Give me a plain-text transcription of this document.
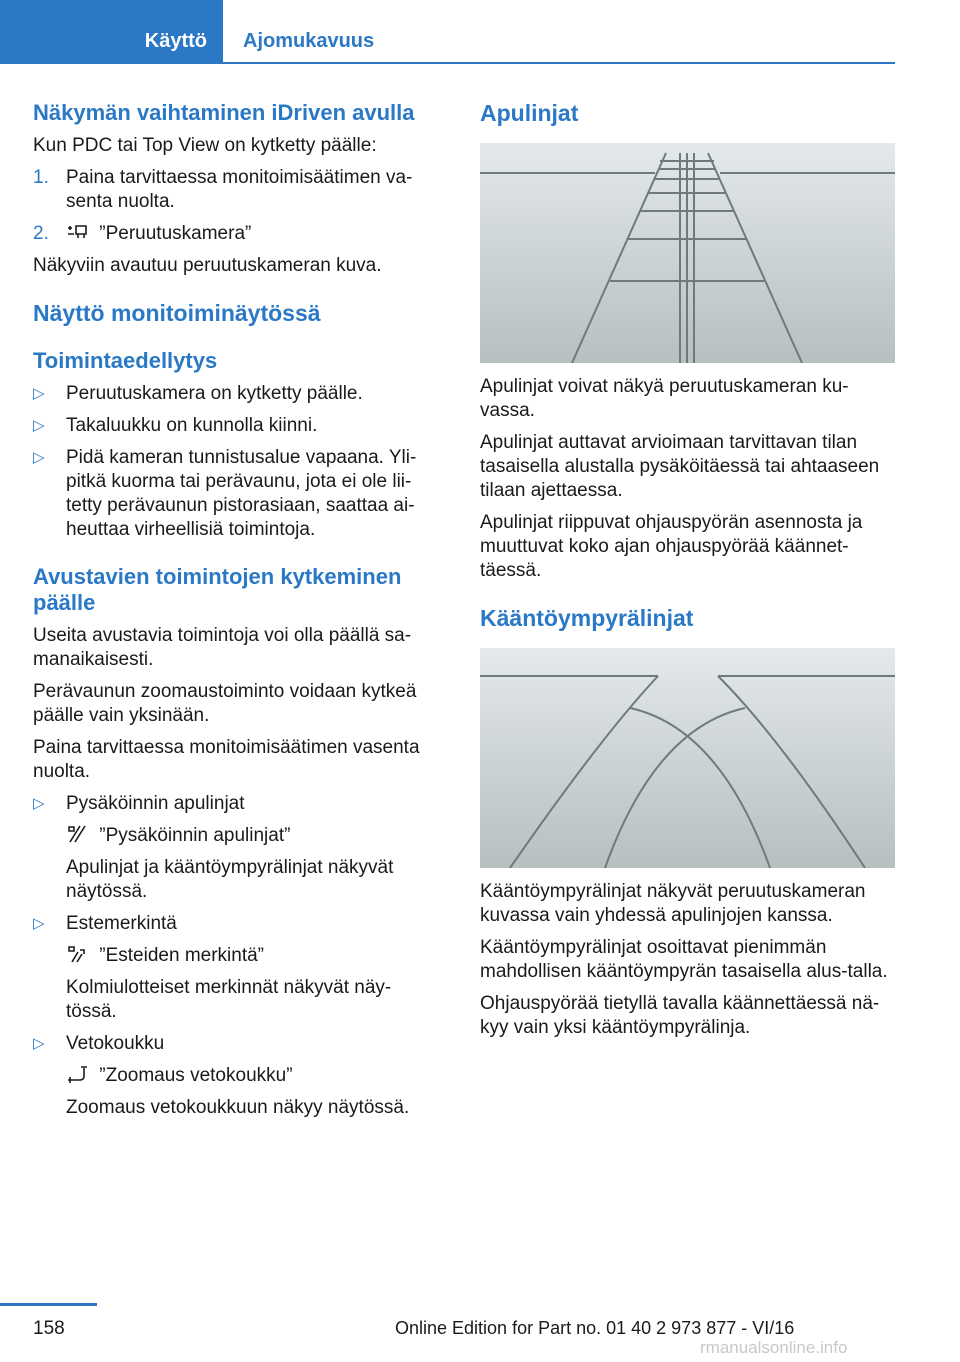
Käyttö Ajomukavuus
Näkymän vaihtaminen iDriven avulla

Kun PDC tai Top View on kytketty päälle:

1. Paina tarvittaessa monitoimisäätimen va‐senta nuolta.
2. ”Peruutuskamera”

Näkyviin avautuu peruutuskameran kuva.

Näyttö monitoiminäytössä
Toimintaedellytys
▷ Peruutuskamera on kytketty päälle.
▷ Takaluukku on kunnolla kiinni.
▷ Pidä kameran tunnistusalue vapaana. Yli‐pitkä kuorma tai perävaunu, jota ei ole lii‐tetty perävaunun pistorasiaan, saattaa ai‐heuttaa virheellisiä toimintoja.
Avustavien toimintojen kytkeminen päälle

Useita avustavia toimintoja voi olla päällä sa‐manaikaisesti.

Perävaunun zoomaustoiminto voidaan kytkeä päälle vain yksinään.

Paina tarvittaessa monitoimisäätimen vasenta nuolta.

▷ Pysäköinnin apulinjat
”Pysäköinnin apulinjat”
Apulinjat ja kääntöympyrälinjat näkyvät näytössä.
▷ Estemerkintä
”Esteiden merkintä”
Kolmiulotteiset merkinnät näkyvät näy‐tössä.
▷ Vetokoukku
”Zoomaus vetokoukku”
Zoomaus vetokoukkuun näkyy näytössä.
Apulinjat

Apulinjat voivat näkyä peruutuskameran ku‐vassa.

Apulinjat auttavat arvioimaan tarvittavan tilan tasaisella alustalla pysäköitäessä tai ahtaaseen tilaan ajettaessa.

Apulinjat riippuvat ohjauspyörän asennosta ja muuttuvat koko ajan ohjauspyörää käännet‐täessä.

Kääntöympyrälinjat

Kääntöympyrälinjat näkyvät peruutuskameran kuvassa vain yhdessä apulinjojen kanssa.

Kääntöympyrälinjat osoittavat pienimmän mahdollisen kääntöympyrän tasaisella alus‐talla.

Ohjauspyörää tietyllä tavalla käännettäessä nä‐kyy vain yksi kääntöympyrälinja.

158	Online Edition for Part no. 01 40 2 973 877 - VI/16
rmanualsonline.info
